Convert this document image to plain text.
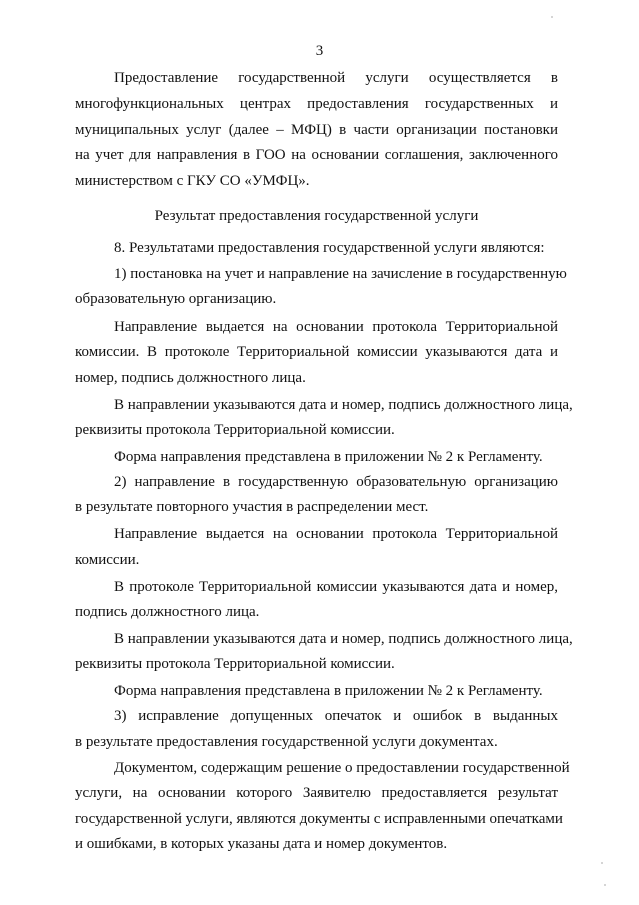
3
Предоставление государственной услуги осуществляется в
многофункциональных центрах предоставления государственных и
муниципальных услуг (далее – МФЦ) в части организации постановки
на учет для направления в ГОО на основании соглашения, заключенного
министерством с ГКУ СО «УМФЦ».
Результат предоставления государственной услуги
8. Результатами предоставления государственной услуги являются:
1) постановка на учет и направление на зачисление в государственную
образовательную организацию.
Направление выдается на основании протокола Территориальной
комиссии. В протоколе Территориальной комиссии указываются дата и
номер, подпись должностного лица.
В направлении указываются дата и номер, подпись должностного лица,
реквизиты протокола Территориальной комиссии.
Форма направления представлена в приложении № 2 к Регламенту.
2) направление в государственную образовательную организацию
в результате повторного участия в распределении мест.
Направление выдается на основании протокола Территориальной
комиссии.
В протоколе Территориальной комиссии указываются дата и номер,
подпись должностного лица.
В направлении указываются дата и номер, подпись должностного лица,
реквизиты протокола Территориальной комиссии.
Форма направления представлена в приложении № 2 к Регламенту.
3) исправление допущенных опечаток и ошибок в выданных
в результате предоставления государственной услуги документах.
Документом, содержащим решение о предоставлении государственной
услуги, на основании которого Заявителю предоставляется результат
государственной услуги, являются документы с исправленными опечатками
и ошибками, в которых указаны дата и номер документов.
